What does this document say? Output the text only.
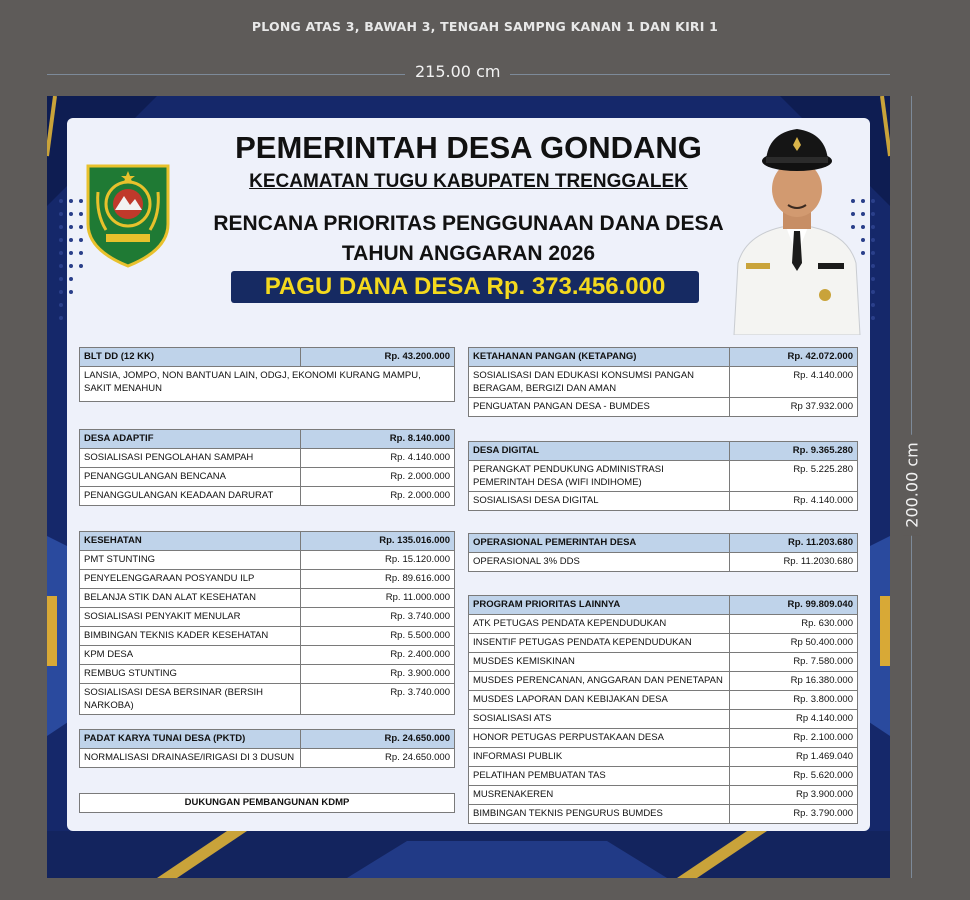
PLONG ATAS 3, BAWAH 3, TENGAH SAMPNG KANAN 1 DAN KIRI 1
215.00 cm
200.00 cm
PEMERINTAH DESA GONDANG
KECAMATAN TUGU KABUPATEN TRENGGALEK
RENCANA PRIORITAS PENGGUNAAN DANA DESA
TAHUN ANGGARAN 2026
PAGU DANA DESA Rp. 373.456.000
BLT DD (12 KK)	Rp. 43.200.000
LANSIA, JOMPO, NON BANTUAN LAIN, ODGJ, EKONOMI KURANG MAMPU, SAKIT MENAHUN
DESA ADAPTIF	Rp. 8.140.000
SOSIALISASI PENGOLAHAN SAMPAH	Rp. 4.140.000
PENANGGULANGAN BENCANA	Rp. 2.000.000
PENANGGULANGAN KEADAAN DARURAT	Rp. 2.000.000
KESEHATAN	Rp. 135.016.000
PMT STUNTING	Rp. 15.120.000
PENYELENGGARAAN POSYANDU ILP	Rp. 89.616.000
BELANJA STIK DAN ALAT KESEHATAN	Rp. 11.000.000
SOSIALISASI PENYAKIT MENULAR	Rp. 3.740.000
BIMBINGAN TEKNIS KADER KESEHATAN	Rp. 5.500.000
KPM DESA	Rp. 2.400.000
REMBUG STUNTING	Rp. 3.900.000
SOSIALISASI DESA BERSINAR (BERSIH NARKOBA)	Rp. 3.740.000
PADAT KARYA TUNAI DESA (PKTD)	Rp. 24.650.000
NORMALISASI DRAINASE/IRIGASI DI 3 DUSUN	Rp. 24.650.000
DUKUNGAN PEMBANGUNAN KDMP
KETAHANAN PANGAN (KETAPANG)	Rp. 42.072.000
SOSIALISASI DAN EDUKASI KONSUMSI PANGAN BERAGAM, BERGIZI DAN AMAN	Rp. 4.140.000
PENGUATAN PANGAN DESA - BUMDES	Rp 37.932.000
DESA DIGITAL	Rp. 9.365.280
PERANGKAT PENDUKUNG ADMINISTRASI PEMERINTAH DESA (WIFI INDIHOME)	Rp. 5.225.280
SOSIALISASI DESA DIGITAL	Rp. 4.140.000
OPERASIONAL PEMERINTAH DESA	Rp. 11.203.680
OPERASIONAL 3% DDS	Rp. 11.2030.680
PROGRAM PRIORITAS LAINNYA	Rp. 99.809.040
ATK PETUGAS PENDATA KEPENDUDUKAN	Rp. 630.000
INSENTIF PETUGAS PENDATA KEPENDUDUKAN	Rp 50.400.000
MUSDES KEMISKINAN	Rp. 7.580.000
MUSDES PERENCANAN, ANGGARAN DAN PENETAPAN	Rp 16.380.000
MUSDES LAPORAN DAN KEBIJAKAN DESA	Rp. 3.800.000
SOSIALISASI ATS	Rp 4.140.000
HONOR PETUGAS PERPUSTAKAAN DESA	Rp. 2.100.000
INFORMASI PUBLIK	Rp 1.469.040
PELATIHAN PEMBUATAN TAS	Rp. 5.620.000
MUSRENAKEREN	Rp 3.900.000
BIMBINGAN TEKNIS PENGURUS BUMDES	Rp. 3.790.000
